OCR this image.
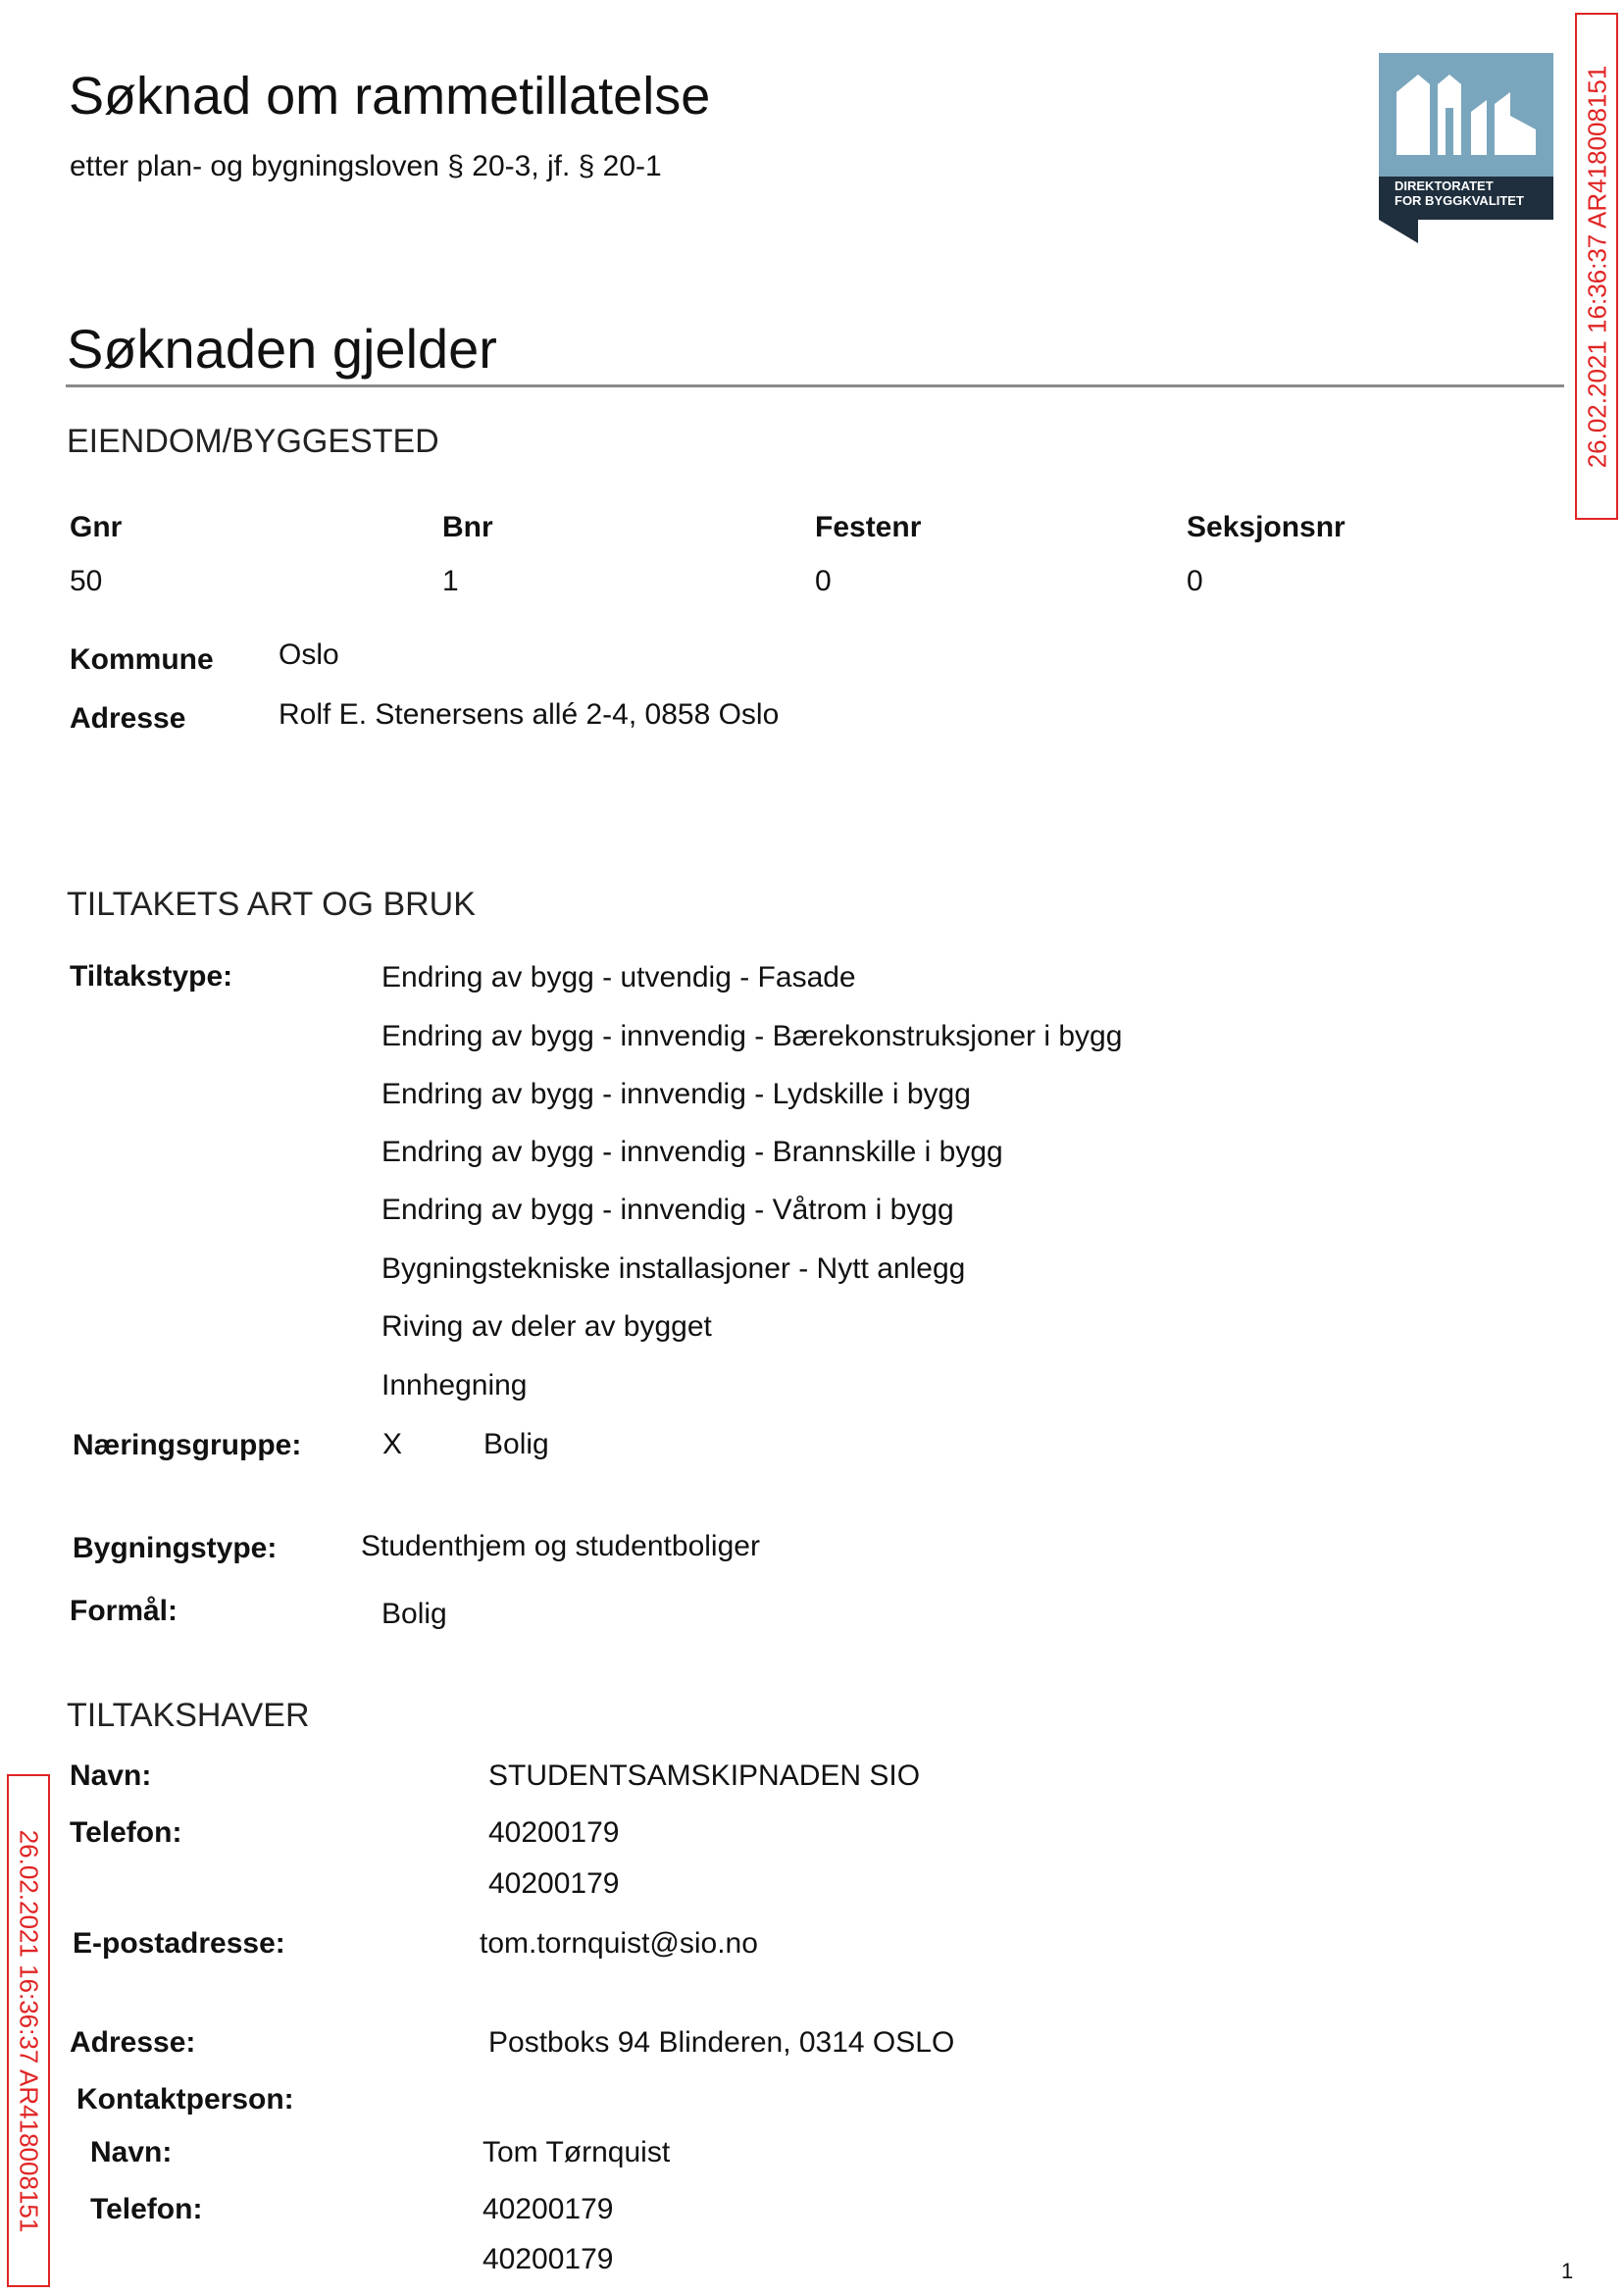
Søknad om rammetillatelse
etter plan- og bygningsloven § 20-3, jf. § 20-1
DIREKTORATET
FOR BYGGKVALITET 26.02.2021 16:36:37 AR418008151
26.02.2021 16:36:37 AR418008151
Søknaden gjelder
EIENDOM/BYGGESTED
Gnr	Bnr	Festenr	Seksjonsnr
50	1	0	0
Kommune Oslo
Adresse	Rolf E. Stenersens allé 2-4, 0858 Oslo
TILTAKETS ART OG BRUK
Tiltakstype:	Endring av bygg - utvendig - Fasade
Endring av bygg - innvendig - Bærekonstruksjoner i bygg
Endring av bygg - innvendig - Lydskille i bygg
Endring av bygg - innvendig - Brannskille i bygg
Endring av bygg - innvendig - Våtrom i bygg
Bygningstekniske installasjoner - Nytt anlegg
Riving av deler av bygget
Innhegning
Næringsgruppe:	X	Bolig
Bygningstype:	Studenthjem og studentboliger
Formål:	Bolig
TILTAKSHAVER
Navn:	STUDENTSAMSKIPNADEN SIO
Telefon:	40200179
40200179
E-postadresse:	tom.tornquist@sio.no
Adresse:	Postboks 94 Blinderen, 0314 OSLO
Kontaktperson:
Navn:	Tom Tørnquist
Telefon:	40200179
40200179	1
